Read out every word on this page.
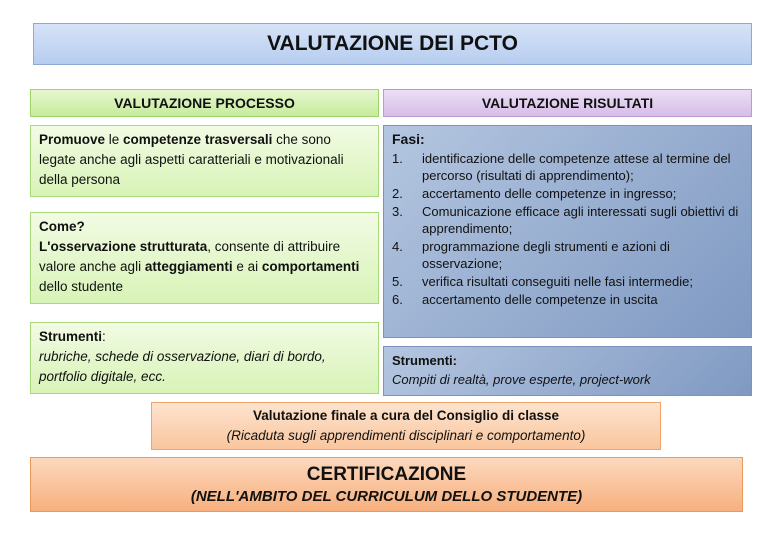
VALUTAZIONE DEI PCTO
VALUTAZIONE PROCESSO	VALUTAZIONE RISULTATI
Promuove le competenze trasversali che sono legate anche agli aspetti caratteriali e motivazionali della persona
Come?
L'osservazione strutturata, consente di attribuire valore anche agli atteggiamenti e ai comportamenti dello studente
Strumenti:
rubriche, schede di osservazione, diari di bordo, portfolio digitale, ecc.
Fasi:
1.	identificazione delle competenze attese al termine del percorso (risultati di apprendimento);
2.	accertamento delle competenze in ingresso;
3.	Comunicazione efficace agli interessati sugli obiettivi di apprendimento;
4.	programmazione degli strumenti e azioni di osservazione;
5.	verifica risultati conseguiti nelle fasi intermedie;
6.	accertamento delle competenze in uscita
Strumenti:
Compiti di realtà, prove esperte, project-work
Valutazione finale a cura del Consiglio di classe
(Ricaduta sugli apprendimenti disciplinari e comportamento)
CERTIFICAZIONE
(NELL'AMBITO DEL CURRICULUM DELLO STUDENTE)
